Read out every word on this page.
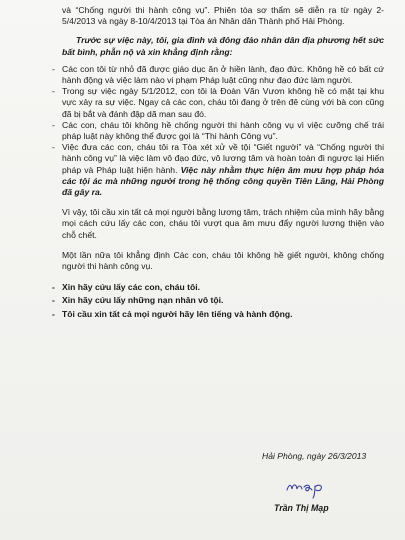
và “Chống người thi hành công vụ”. Phiên tòa sơ thẩm sẽ diễn ra từ ngày 2-5/4/2013 và ngày 8-10/4/2013 tại Tòa án Nhân dân Thành phố Hải Phòng.

Trước sự việc này, tôi, gia đình và đông đảo nhân dân địa phương hết sức bất bình, phẫn nộ và xin khẳng định rằng:

- Các con tôi từ nhỏ đã được giáo dục ăn ở hiền lành, đạo đức. Không hề có bất cứ hành động và việc làm nào vi phạm Pháp luật cũng như đạo đức làm người.
- Trong sự việc ngày 5/1/2012, con tôi là Đoàn Văn Vươn không hề có mặt tại khu vực xảy ra sự việc. Ngay cả các con, cháu tôi đang ở trên đê cùng với bà con cũng đã bị bắt và đánh đập dã man sau đó.
- Các con, cháu tôi không hề chống người thi hành công vụ vì việc cưỡng chế trái pháp luật này không thể được gọi là “Thi hành Công vụ”.
- Việc đưa các con, cháu tôi ra Tòa xét xử về tội “Giết người” và “Chống người thi hành công vụ” là việc làm vô đạo đức, vô lương tâm và hoàn toàn đi ngược lại Hiến pháp và Pháp luật hiện hành. Việc này nhằm thực hiện âm mưu hợp pháp hóa các tội ác mà những người trong hệ thống công quyền Tiên Lãng, Hải Phòng đã gây ra.

Vì vậy, tôi cầu xin tất cả mọi người bằng lương tâm, trách nhiệm của mình hãy bằng mọi cách cứu lấy các con, cháu tôi vượt qua âm mưu đẩy người lương thiện vào chỗ chết.

Một lần nữa tôi khẳng định Các con, cháu tôi không hề giết người, không chống người thi hành công vụ.

- Xin hãy cứu lấy các con, cháu tôi.
- Xin hãy cứu lấy những nạn nhân vô tội.
- Tôi cầu xin tất cả mọi người hãy lên tiếng và hành động.
Hải Phòng, ngày 26/3/2013
Trần Thị Mạp
